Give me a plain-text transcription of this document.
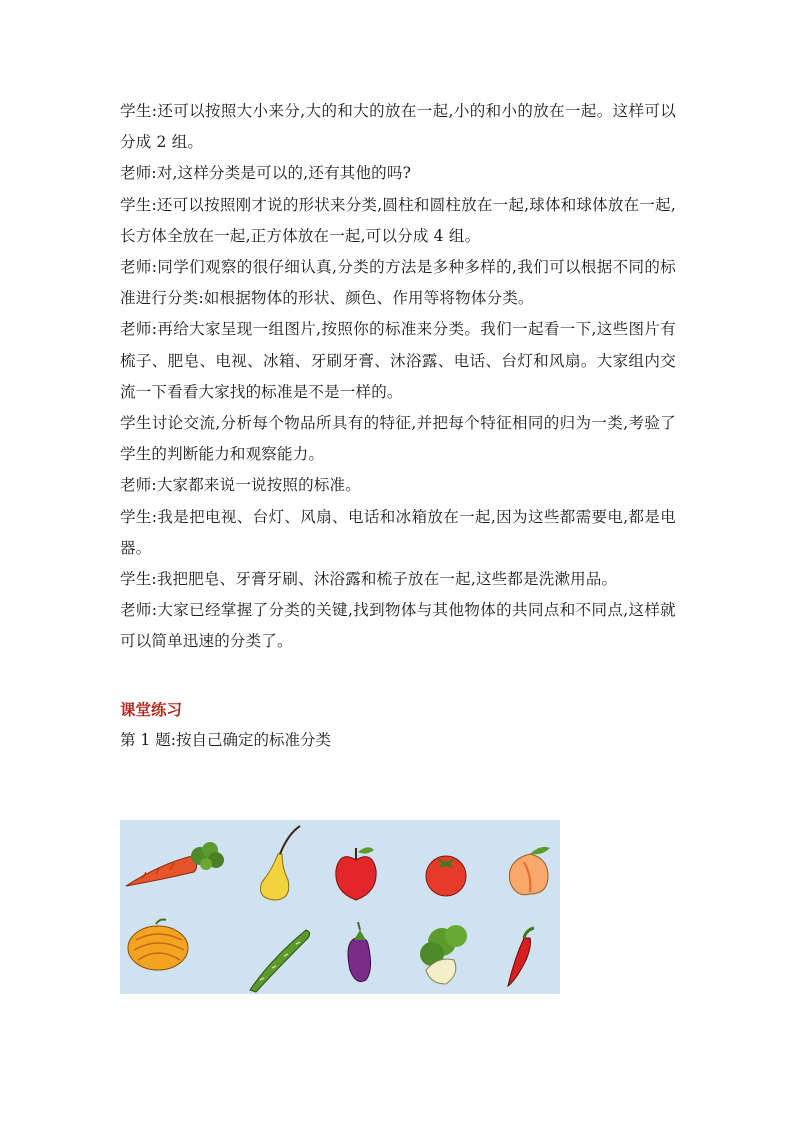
学生:还可以按照大小来分,大的和大的放在一起,小的和小的放在一起。这样可以分成 2 组。

老师:对,这样分类是可以的,还有其他的吗?

学生:还可以按照刚才说的形状来分类,圆柱和圆柱放在一起,球体和球体放在一起,长方体全放在一起,正方体放在一起,可以分成 4 组。

老师:同学们观察的很仔细认真,分类的方法是多种多样的,我们可以根据不同的标准进行分类:如根据物体的形状、颜色、作用等将物体分类。

老师:再给大家呈现一组图片,按照你的标准来分类。我们一起看一下,这些图片有梳子、肥皂、电视、冰箱、牙刷牙膏、沐浴露、电话、台灯和风扇。大家组内交流一下看看大家找的标准是不是一样的。

学生讨论交流,分析每个物品所具有的特征,并把每个特征相同的归为一类,考验了学生的判断能力和观察能力。

老师:大家都来说一说按照的标准。

学生:我是把电视、台灯、风扇、电话和冰箱放在一起,因为这些都需要电,都是电器。

学生:我把肥皂、牙膏牙刷、沐浴露和梳子放在一起,这些都是洗漱用品。

老师:大家已经掌握了分类的关键,找到物体与其他物体的共同点和不同点,这样就可以简单迅速的分类了。

课堂练习

第 1 题:按自己确定的标准分类
